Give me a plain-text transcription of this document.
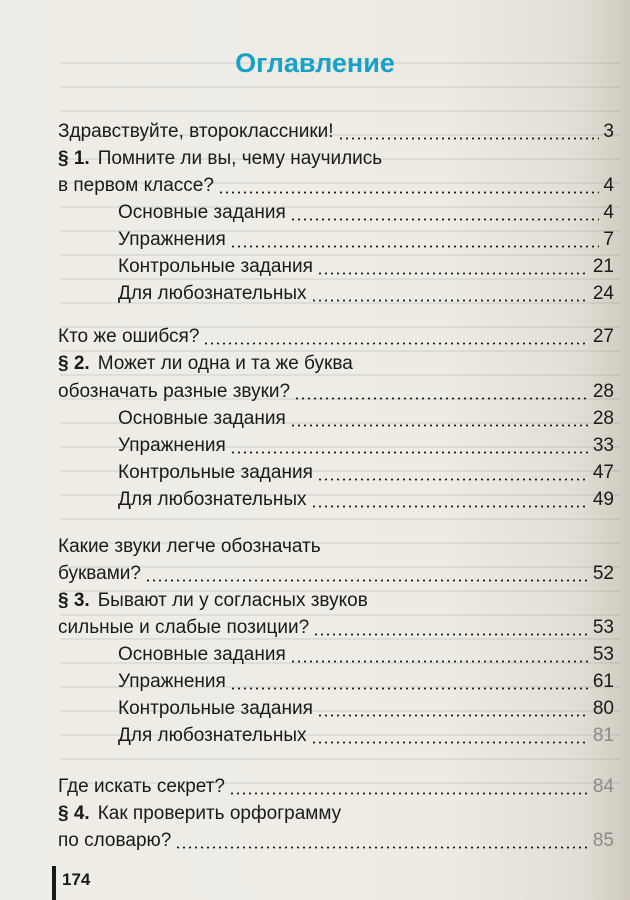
Оглавление
Здравствуйте, второклассники!	3
§ 1. Помните ли вы, чему научились
в первом классе?	4
Основные задания	4
Упражнения	7
Контрольные задания	21
Для любознательных	24
Кто же ошибся?	27
§ 2. Может ли одна и та же буква
обозначать разные звуки?	28
Основные задания	28
Упражнения	33
Контрольные задания	47
Для любознательных	49
Какие звуки легче обозначать
буквами?	52
§ 3. Бывают ли у согласных звуков
сильные и слабые позиции?	53
Основные задания	53
Упражнения	61
Контрольные задания	80
Для любознательных	81
Где искать секрет?	84
§ 4. Как проверить орфограмму
по словарю?	85
174
